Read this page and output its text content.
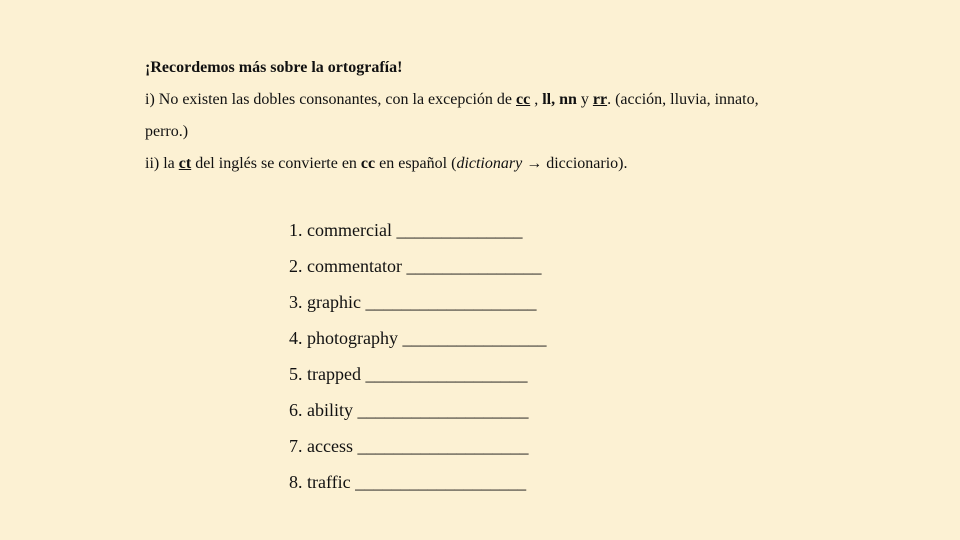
¡Recordemos más sobre la ortografía!

i) No existen las dobles consonantes, con la excepción de cc , ll, nn y rr. (acción, lluvia, innato,

perro.)

ii) la ct del inglés se convierte en cc en español (dictionary → diccionario).

1. commercial ______________

2. commentator _______________

3. graphic ___________________

4. photography ________________

5. trapped __________________

6. ability ___________________

7. access ___________________

8. traffic ___________________
